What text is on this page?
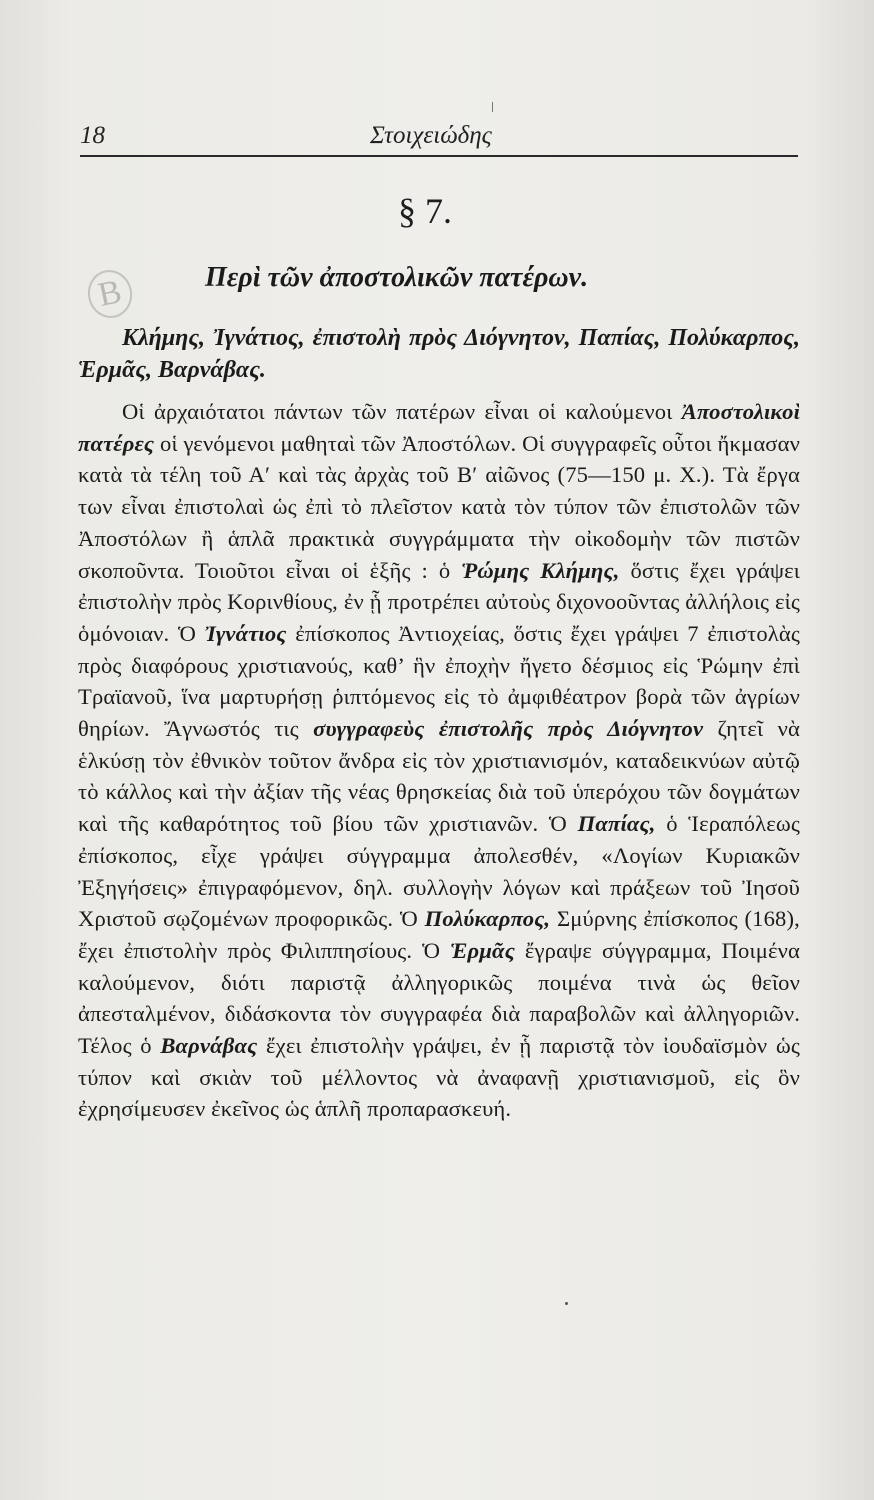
18	Στοιχειώδης
§ 7.
B	Περὶ τῶν ἀποστολικῶν πατέρων.
Κλήμης, Ἰγνάτιος, ἐπιστολὴ πρὸς Διόγνητον, Παπίας, Πολύκαρπος, Ἑρμᾶς, Βαρνάβας.
Οἱ ἀρχαιότατοι πάντων τῶν πατέρων εἶναι οἱ καλούμενοι Ἀποστολικοὶ πατέρες οἱ γενόμενοι μαθηταὶ τῶν Ἀποστόλων. Οἱ συγγραφεῖς οὗτοι ἤκμασαν κατὰ τὰ τέλη τοῦ Α′ καὶ τὰς ἀρχὰς τοῦ Β′ αἰῶνος (75—150 μ. Χ.). Τὰ ἔργα των εἶναι ἐπιστολαὶ ὡς ἐπὶ τὸ πλεῖστον κατὰ τὸν τύπον τῶν ἐπιστολῶν τῶν Ἀποστόλων ἢ ἁπλᾶ πρακτικὰ συγγράμματα τὴν οἰκοδομὴν τῶν πιστῶν σκοποῦντα. Τοιοῦτοι εἶναι οἱ ἑξῆς : ὁ Ῥώμης Κλήμης, ὅστις ἔχει γράψει ἐπιστολὴν πρὸς Κορινθίους, ἐν ᾗ προτρέπει αὐτοὺς διχονοοῦντας ἀλλήλοις εἰς ὁμόνοιαν. Ὁ Ἰγνάτιος ἐπίσκοπος Ἀντιοχείας, ὅστις ἔχει γράψει 7 ἐπιστολὰς πρὸς διαφόρους χριστιανούς, καθ’ ἣν ἐποχὴν ἤγετο δέσμιος εἰς Ῥώμην ἐπὶ Τραϊανοῦ, ἵνα μαρτυρήσῃ ῥιπτόμενος εἰς τὸ ἀμφιθέατρον βορὰ τῶν ἀγρίων θηρίων. Ἄγνωστός τις συγγραφεὺς ἐπιστολῆς πρὸς Διόγνητον ζητεῖ νὰ ἑλκύσῃ τὸν ἐθνικὸν τοῦτον ἄνδρα εἰς τὸν χριστιανισμόν, καταδεικνύων αὐτῷ τὸ κάλλος καὶ τὴν ἀξίαν τῆς νέας θρησκείας διὰ τοῦ ὑπερόχου τῶν δογμάτων καὶ τῆς καθαρότητος τοῦ βίου τῶν χριστιανῶν. Ὁ Παπίας, ὁ Ἱεραπόλεως ἐπίσκοπος, εἶχε γράψει σύγγραμμα ἀπολεσθέν, «Λογίων Κυριακῶν Ἐξηγήσεις» ἐπιγραφόμενον, δηλ. συλλογὴν λόγων καὶ πράξεων τοῦ Ἰησοῦ Χριστοῦ σῳζομένων προφορικῶς. Ὁ Πολύκαρπος, Σμύρνης ἐπίσκοπος (168), ἔχει ἐπιστολὴν πρὸς Φιλιππησίους. Ὁ Ἑρμᾶς ἔγραψε σύγγραμμα, Ποιμένα καλούμενον, διότι παριστᾷ ἀλληγορικῶς ποιμένα τινὰ ὡς θεῖον ἀπεσταλμένον, διδάσκοντα τὸν συγγραφέα διὰ παραβολῶν καὶ ἀλληγοριῶν. Τέλος ὁ Βαρνάβας ἔχει ἐπιστολὴν γράψει, ἐν ᾗ παριστᾷ τὸν ἰουδαϊσμὸν ὡς τύπον καὶ σκιὰν τοῦ μέλλοντος νὰ ἀναφανῇ χριστιανισμοῦ, εἰς ὃν ἐχρησίμευσεν ἐκεῖνος ὡς ἁπλῆ προπαρασκευή.
